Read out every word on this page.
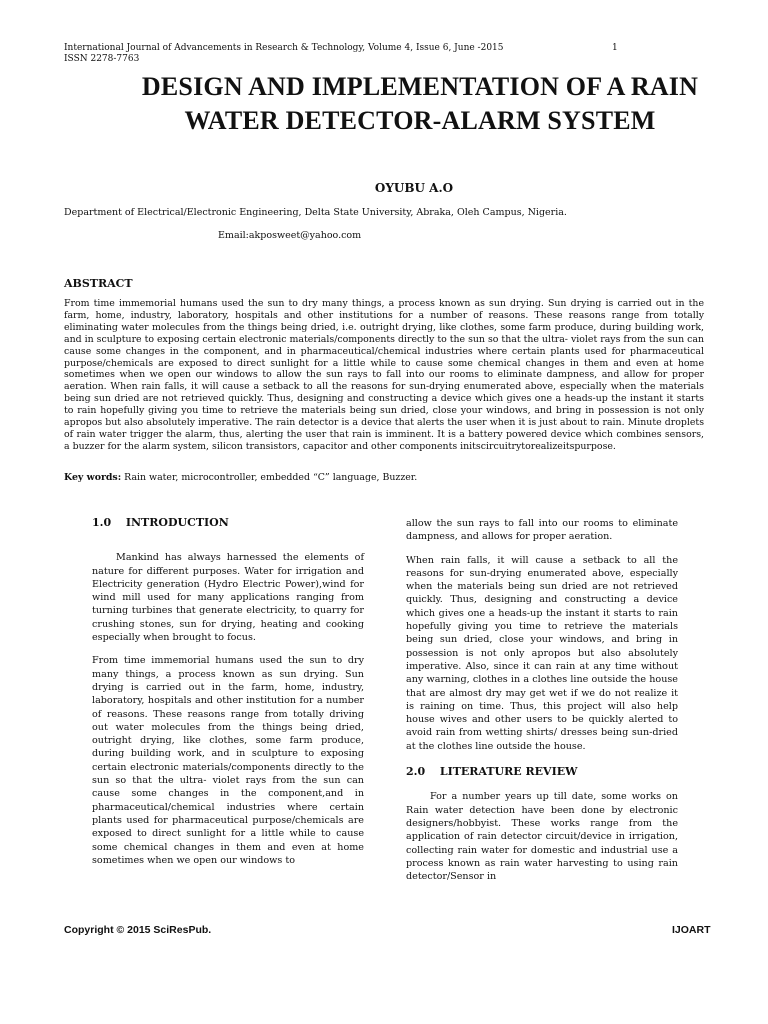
International Journal of Advancements in Research & Technology, Volume 4, Issue 6, June -2015
ISSN 2278-7763
1
DESIGN AND IMPLEMENTATION OF A RAIN WATER DETECTOR-ALARM SYSTEM
OYUBU A.O
Department of Electrical/Electronic Engineering, Delta State University, Abraka, Oleh Campus, Nigeria.
Email:akposweet@yahoo.com
ABSTRACT
From time immemorial humans used the sun to dry many things, a process known as sun drying. Sun drying is carried out in the farm, home, industry, laboratory, hospitals and other institutions for a number of reasons. These reasons range from totally eliminating water molecules from the things being dried, i.e. outright drying, like clothes, some farm produce, during building work, and in sculpture to exposing certain electronic materials/components directly to the sun so that the ultra- violet rays from the sun can cause some changes in the component, and in pharmaceutical/chemical industries where certain plants used for pharmaceutical purpose/chemicals are exposed to direct sunlight for a little while to cause some chemical changes in them and even at home sometimes when we open our windows to allow the sun rays to fall into our rooms to eliminate dampness, and allow for proper aeration. When rain falls, it will cause a setback to all the reasons for sun-drying enumerated above, especially when the materials being sun dried are not retrieved quickly. Thus, designing and constructing a device which gives one a heads-up the instant it starts to rain hopefully giving you time to retrieve the materials being sun dried, close your windows, and bring in possession is not only apropos but also absolutely imperative. The rain detector is a device that alerts the user when it is just about to rain. Minute droplets of rain water trigger the alarm, thus, alerting the user that rain is imminent. It is a battery powered device which combines sensors, a buzzer for the alarm system, silicon transistors, capacitor and other components initscircuitrytorealizeitspurpose.
Key words: Rain water, microcontroller, embedded “C” language, Buzzer.
1.0 INTRODUCTION

Mankind has always harnessed the elements of nature for different purposes. Water for irrigation and Electricity generation (Hydro Electric Power),wind for wind mill used for many applications ranging from turning turbines that generate electricity, to quarry for crushing stones, sun for drying, heating and cooking especially when brought to focus.

From time immemorial humans used the sun to dry many things, a process known as sun drying. Sun drying is carried out in the farm, home, industry, laboratory, hospitals and other institution for a number of reasons. These reasons range from totally driving out water molecules from the things being dried, outright drying, like clothes, some farm produce, during building work, and in sculpture to exposing certain electronic materials/components directly to the sun so that the ultra- violet rays from the sun can cause some changes in the component,and in pharmaceutical/chemical industries where certain plants used for pharmaceutical purpose/chemicals are exposed to direct sunlight for a little while to cause some chemical changes in them and even at home sometimes when we open our windows to

allow the sun rays to fall into our rooms to eliminate dampness, and allows for proper aeration.

When rain falls, it will cause a setback to all the reasons for sun-drying enumerated above, especially when the materials being sun dried are not retrieved quickly. Thus, designing and constructing a device which gives one a heads-up the instant it starts to rain hopefully giving you time to retrieve the materials being sun dried, close your windows, and bring in possession is not only apropos but also absolutely imperative. Also, since it can rain at any time without any warning, clothes in a clothes line outside the house that are almost dry may get wet if we do not realize it is raining on time. Thus, this project will also help house wives and other users to be quickly alerted to avoid rain from wetting shirts/ dresses being sun-dried at the clothes line outside the house.

2.0 LITERATURE REVIEW

For a number years up till date, some works on Rain water detection have been done by electronic designers/hobbyist. These works range from the application of rain detector circuit/device in irrigation, collecting rain water for domestic and industrial use a process known as rain water harvesting to using rain detector/Sensor in

Copyright © 2015 SciResPub.	IJOART
